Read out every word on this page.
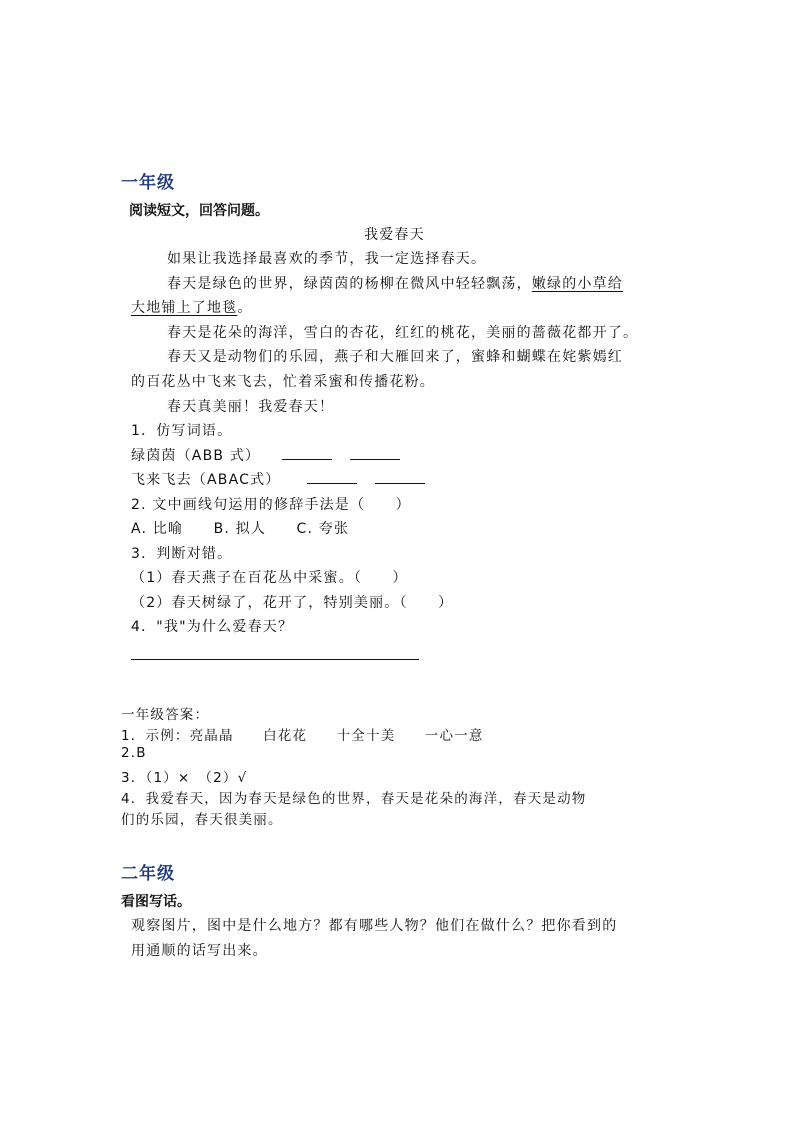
一年级
阅读短文，回答问题。
我爱春天
如果让我选择最喜欢的季节，我一定选择春天。
春天是绿色的世界，绿茵茵的杨柳在微风中轻轻飘荡，嫩绿的小草给
大地铺上了地毯。
春天是花朵的海洋，雪白的杏花，红红的桃花，美丽的蔷薇花都开了。
春天又是动物们的乐园，燕子和大雁回来了，蜜蜂和蝴蝶在姹紫嫣红
的百花丛中飞来飞去，忙着采蜜和传播花粉。
春天真美丽！我爱春天！
1．仿写词语。
绿茵茵（ABB 式）
飞来飞去（ABAC式）
2. 文中画线句运用的修辞手法是（　　）
A. 比喻　　B. 拟人　　C. 夸张
3．判断对错。
（1）春天燕子在百花丛中采蜜。（　　）
（2）春天树绿了，花开了，特别美丽。（　　）
4．"我"为什么爱春天？
一年级答案：
1．示例：亮晶晶　　白花花　　十全十美　　一心一意
2.B
3．（1）×　（2）√
4．我爱春天，因为春天是绿色的世界，春天是花朵的海洋，春天是动物
们的乐园，春天很美丽。
二年级
看图写话。
观察图片，图中是什么地方？都有哪些人物？他们在做什么？把你看到的
用通顺的话写出来。
